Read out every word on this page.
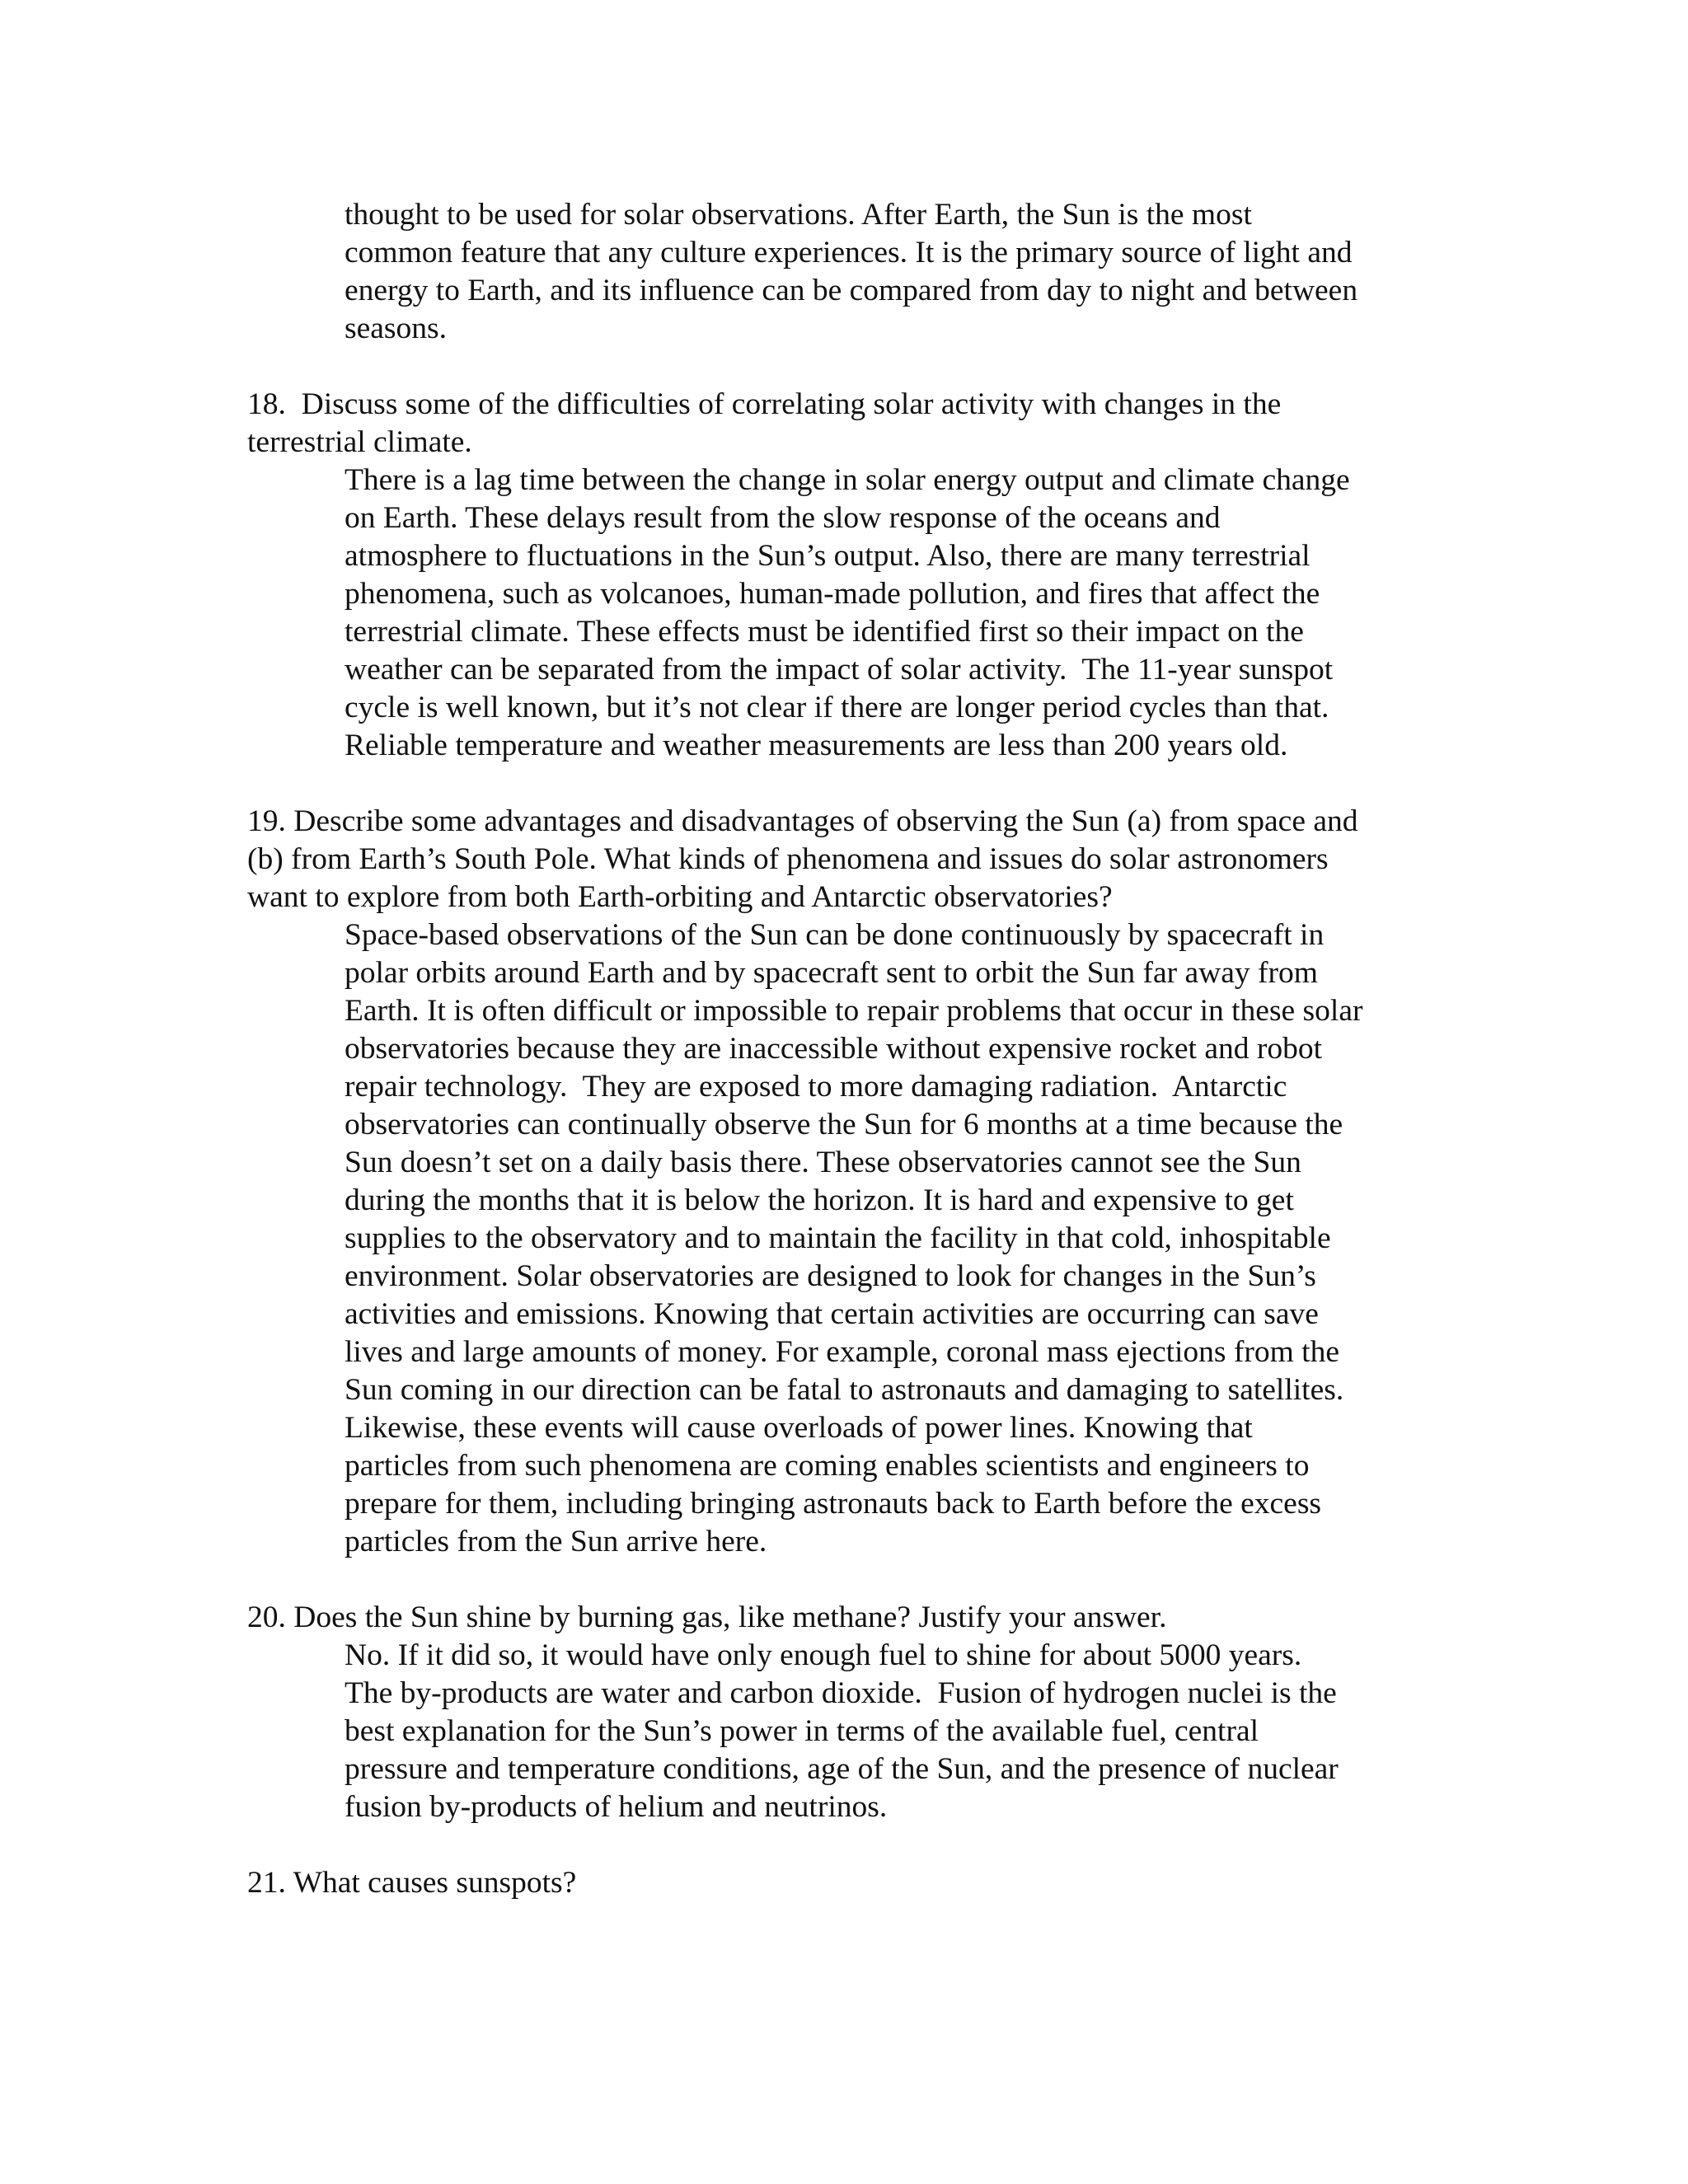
thought to be used for solar observations. After Earth, the Sun is the most

common feature that any culture experiences. It is the primary source of light and

energy to Earth, and its influence can be compared from day to night and between

seasons.

18.  Discuss some of the difficulties of correlating solar activity with changes in the

terrestrial climate.

There is a lag time between the change in solar energy output and climate change

on Earth. These delays result from the slow response of the oceans and

atmosphere to fluctuations in the Sun’s output. Also, there are many terrestrial

phenomena, such as volcanoes, human-made pollution, and fires that affect the

terrestrial climate. These effects must be identified first so their impact on the

weather can be separated from the impact of solar activity.  The 11-year sunspot

cycle is well known, but it’s not clear if there are longer period cycles than that.

Reliable temperature and weather measurements are less than 200 years old.

19. Describe some advantages and disadvantages of observing the Sun (a) from space and

(b) from Earth’s South Pole. What kinds of phenomena and issues do solar astronomers

want to explore from both Earth-orbiting and Antarctic observatories?

Space-based observations of the Sun can be done continuously by spacecraft in

polar orbits around Earth and by spacecraft sent to orbit the Sun far away from

Earth. It is often difficult or impossible to repair problems that occur in these solar

observatories because they are inaccessible without expensive rocket and robot

repair technology.  They are exposed to more damaging radiation.  Antarctic

observatories can continually observe the Sun for 6 months at a time because the

Sun doesn’t set on a daily basis there. These observatories cannot see the Sun

during the months that it is below the horizon. It is hard and expensive to get

supplies to the observatory and to maintain the facility in that cold, inhospitable

environment. Solar observatories are designed to look for changes in the Sun’s

activities and emissions. Knowing that certain activities are occurring can save

lives and large amounts of money. For example, coronal mass ejections from the

Sun coming in our direction can be fatal to astronauts and damaging to satellites.

Likewise, these events will cause overloads of power lines. Knowing that

particles from such phenomena are coming enables scientists and engineers to

prepare for them, including bringing astronauts back to Earth before the excess

particles from the Sun arrive here.

20. Does the Sun shine by burning gas, like methane? Justify your answer.

No. If it did so, it would have only enough fuel to shine for about 5000 years.

The by-products are water and carbon dioxide.  Fusion of hydrogen nuclei is the

best explanation for the Sun’s power in terms of the available fuel, central

pressure and temperature conditions, age of the Sun, and the presence of nuclear

fusion by-products of helium and neutrinos.

21. What causes sunspots?
